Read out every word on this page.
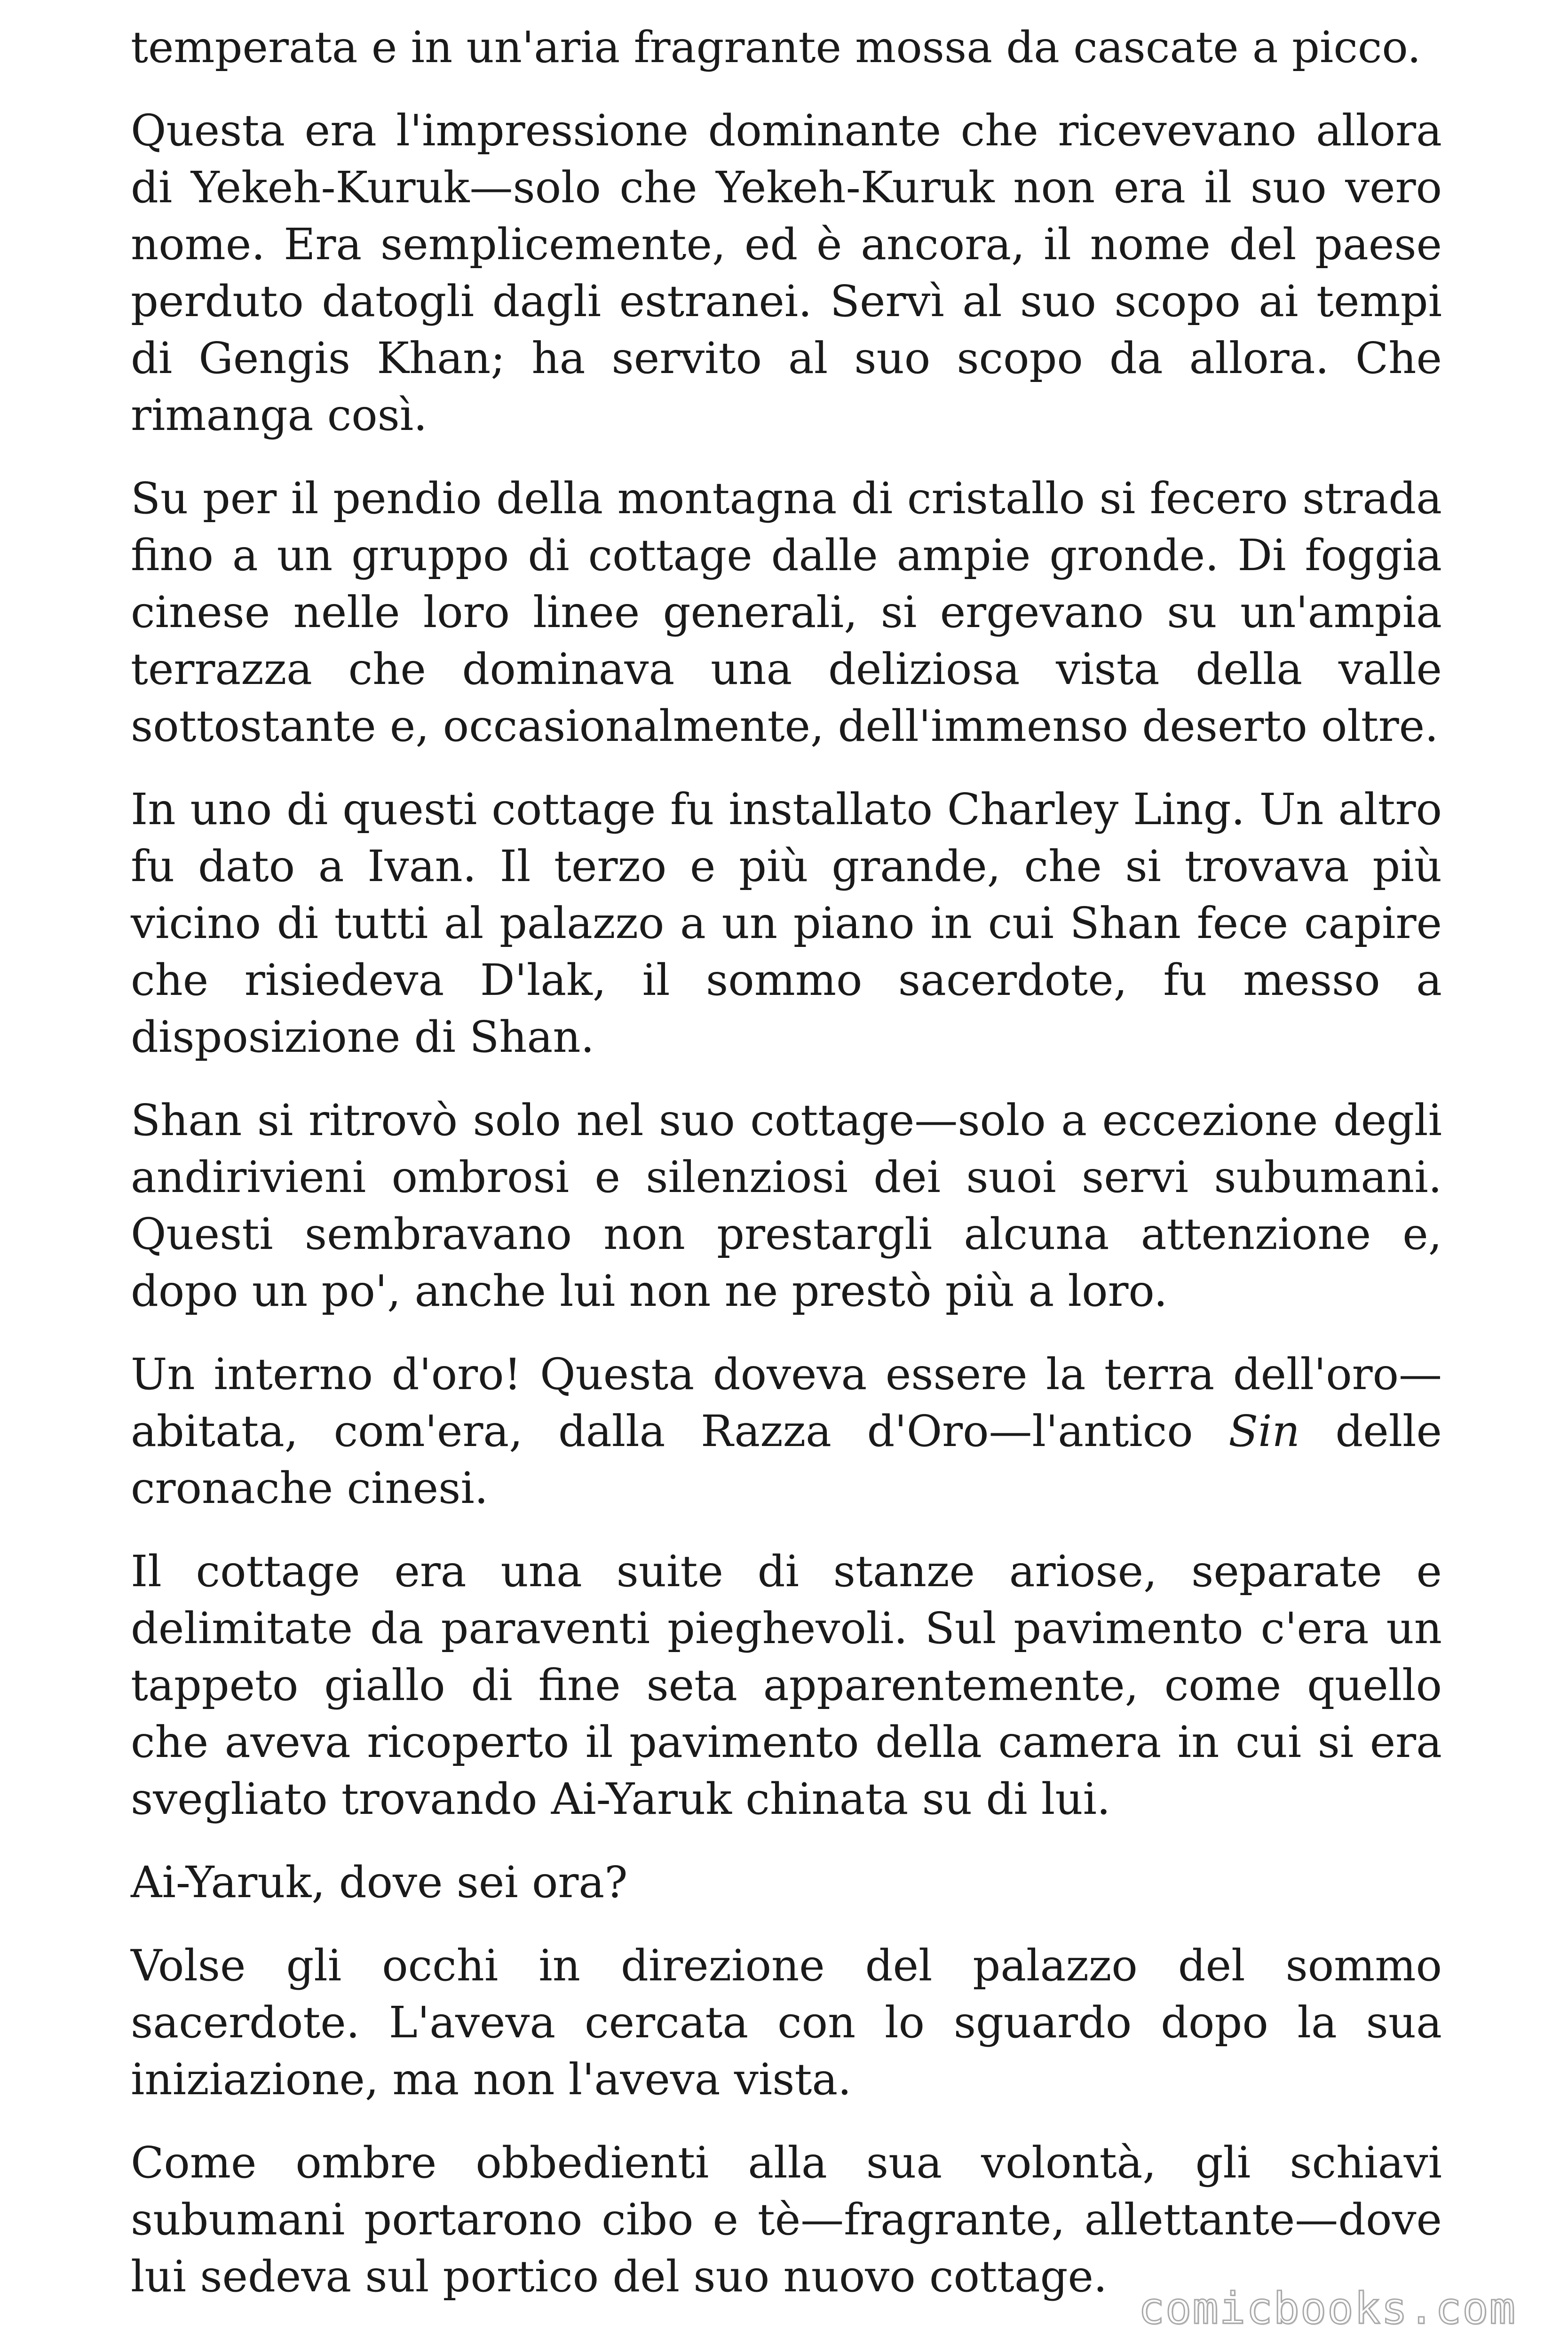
temperata e in un'aria fragrante mossa da cascate a picco.

Questa era l'impressione dominante che ricevevano allora di Yekeh-Kuruk—solo che Yekeh-Kuruk non era il suo vero nome. Era semplicemente, ed è ancora, il nome del paese perduto datogli dagli estranei. Servì al suo scopo ai tempi di Gengis Khan; ha servito al suo scopo da allora. Che rimanga così.

Su per il pendio della montagna di cristallo si fecero strada fino a un gruppo di cottage dalle ampie gronde. Di foggia cinese nelle loro linee generali, si ergevano su un'ampia terrazza che dominava una deliziosa vista della valle sottostante e, occasionalmente, dell'immenso deserto oltre.

In uno di questi cottage fu installato Charley Ling. Un altro fu dato a Ivan. Il terzo e più grande, che si trovava più vicino di tutti al palazzo a un piano in cui Shan fece capire che risiedeva D'lak, il sommo sacerdote, fu messo a disposizione di Shan.

Shan si ritrovò solo nel suo cottage—solo a eccezione degli andirivieni ombrosi e silenziosi dei suoi servi subumani. Questi sembravano non prestargli alcuna attenzione e, dopo un po', anche lui non ne prestò più a loro.

Un interno d'oro! Questa doveva essere la terra dell'oro—abitata, com'era, dalla Razza d'Oro—l'antico Sin delle cronache cinesi.

Il cottage era una suite di stanze ariose, separate e delimitate da paraventi pieghevoli. Sul pavimento c'era un tappeto giallo di fine seta apparentemente, come quello che aveva ricoperto il pavimento della camera in cui si era svegliato trovando Ai-Yaruk chinata su di lui.

Ai-Yaruk, dove sei ora?

Volse gli occhi in direzione del palazzo del sommo sacerdote. L'aveva cercata con lo sguardo dopo la sua iniziazione, ma non l'aveva vista.

Come ombre obbedienti alla sua volontà, gli schiavi subumani portarono cibo e tè—fragrante, allettante—dove lui sedeva sul portico del suo nuovo cottage.

comicbooks.com
